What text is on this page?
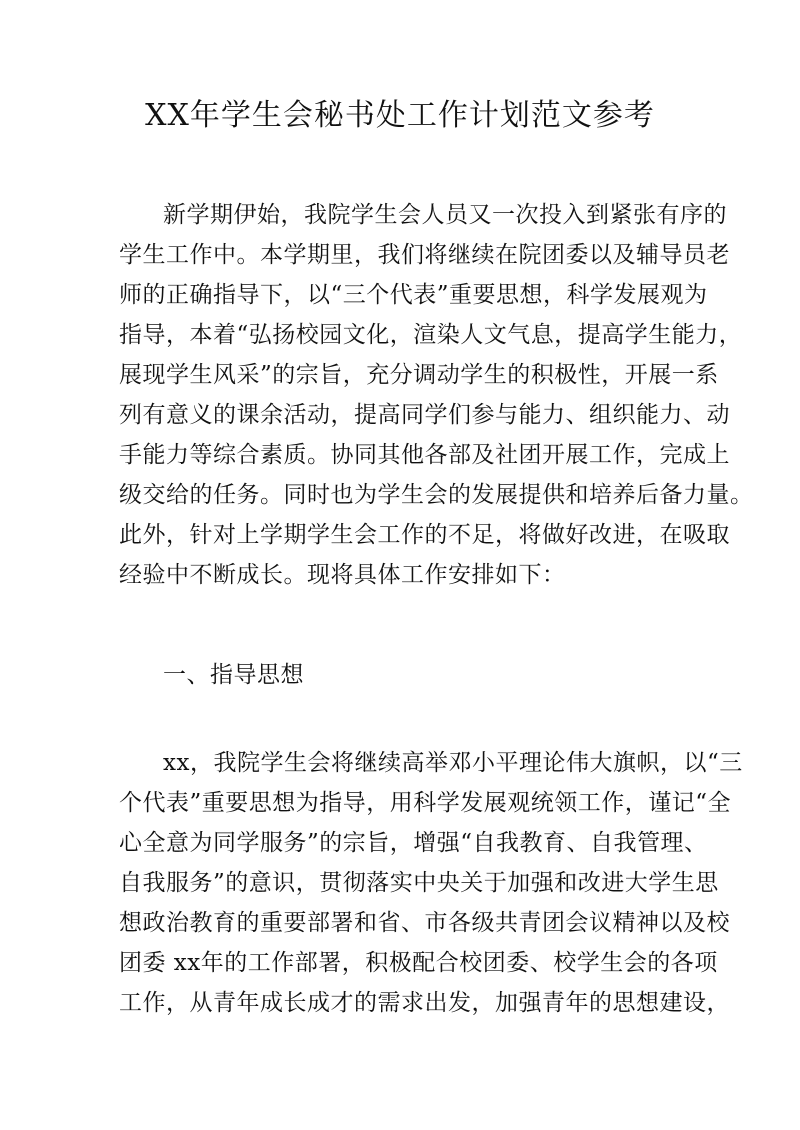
XX年学生会秘书处工作计划范文参考
新学期伊始，我院学生会人员又一次投入到紧张有序的
学生工作中。本学期里，我们将继续在院团委以及辅导员老
师的正确指导下，以“三个代表”重要思想，科学发展观为
指导，本着“弘扬校园文化，渲染人文气息，提高学生能力，
展现学生风采”的宗旨，充分调动学生的积极性，开展一系
列有意义的课余活动，提高同学们参与能力、组织能力、动
手能力等综合素质。协同其他各部及社团开展工作，完成上
级交给的任务。同时也为学生会的发展提供和培养后备力量。
此外，针对上学期学生会工作的不足，将做好改进，在吸取
经验中不断成长。现将具体工作安排如下：
一、指导思想
xx，我院学生会将继续高举邓小平理论伟大旗帜，以“三
个代表”重要思想为指导，用科学发展观统领工作，谨记“全
心全意为同学服务”的宗旨，增强“自我教育、自我管理、
自我服务”的意识，贯彻落实中央关于加强和改进大学生思
想政治教育的重要部署和省、市各级共青团会议精神以及校
团委 xx年的工作部署，积极配合校团委、校学生会的各项
工作，从青年成长成才的需求出发，加强青年的思想建设，
